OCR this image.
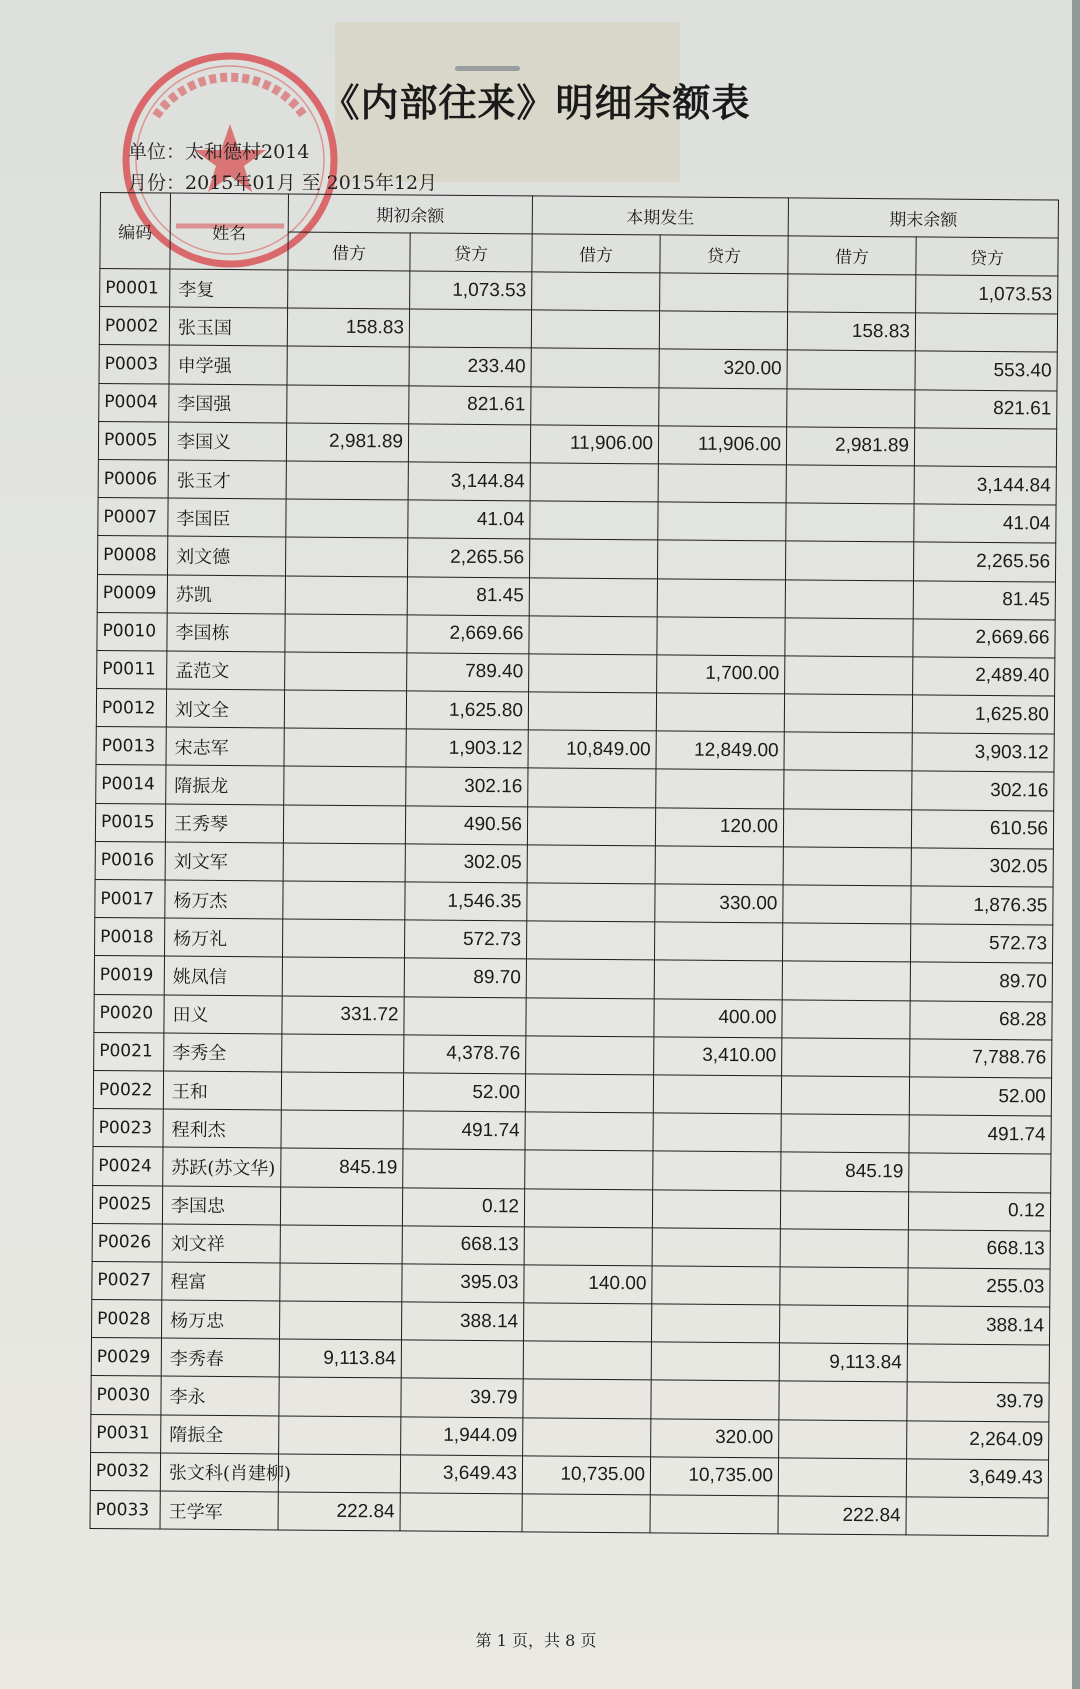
《内部往来》明细余额表
单位：太和德村2014
月份：2015年01月 至 2015年12月
编码	姓名	期初余额		本期发生		期末余额	
		借方	贷方	借方	贷方	借方	贷方
P0001	李复		1,073.53				1,073.53
P0002	张玉国	158.83				158.83	
P0003	申学强		233.40		320.00		553.40
P0004	李国强		821.61				821.61
P0005	李国义	2,981.89		11,906.00	11,906.00	2,981.89	
P0006	张玉才		3,144.84				3,144.84
P0007	李国臣		41.04				41.04
P0008	刘文德		2,265.56				2,265.56
P0009	苏凯		81.45				81.45
P0010	李国栋		2,669.66				2,669.66
P0011	孟范文		789.40		1,700.00		2,489.40
P0012	刘文全		1,625.80				1,625.80
P0013	宋志军		1,903.12	10,849.00	12,849.00		3,903.12
P0014	隋振龙		302.16				302.16
P0015	王秀琴		490.56		120.00		610.56
P0016	刘文军		302.05				302.05
P0017	杨万杰		1,546.35		330.00		1,876.35
P0018	杨万礼		572.73				572.73
P0019	姚凤信		89.70				89.70
P0020	田义	331.72			400.00		68.28
P0021	李秀全		4,378.76		3,410.00		7,788.76
P0022	王和		52.00				52.00
P0023	程利杰		491.74				491.74
P0024	苏跃(苏文华)	845.19				845.19	
P0025	李国忠		0.12				0.12
P0026	刘文祥		668.13				668.13
P0027	程富		395.03	140.00			255.03
P0028	杨万忠		388.14				388.14
P0029	李秀春	9,113.84				9,113.84	
P0030	李永		39.79				39.79
P0031	隋振全		1,944.09		320.00		2,264.09
P0032	张文科(肖建柳)		3,649.43	10,735.00	10,735.00		3,649.43
P0033	王学军	222.84				222.84	
第 1 页，共 8 页
